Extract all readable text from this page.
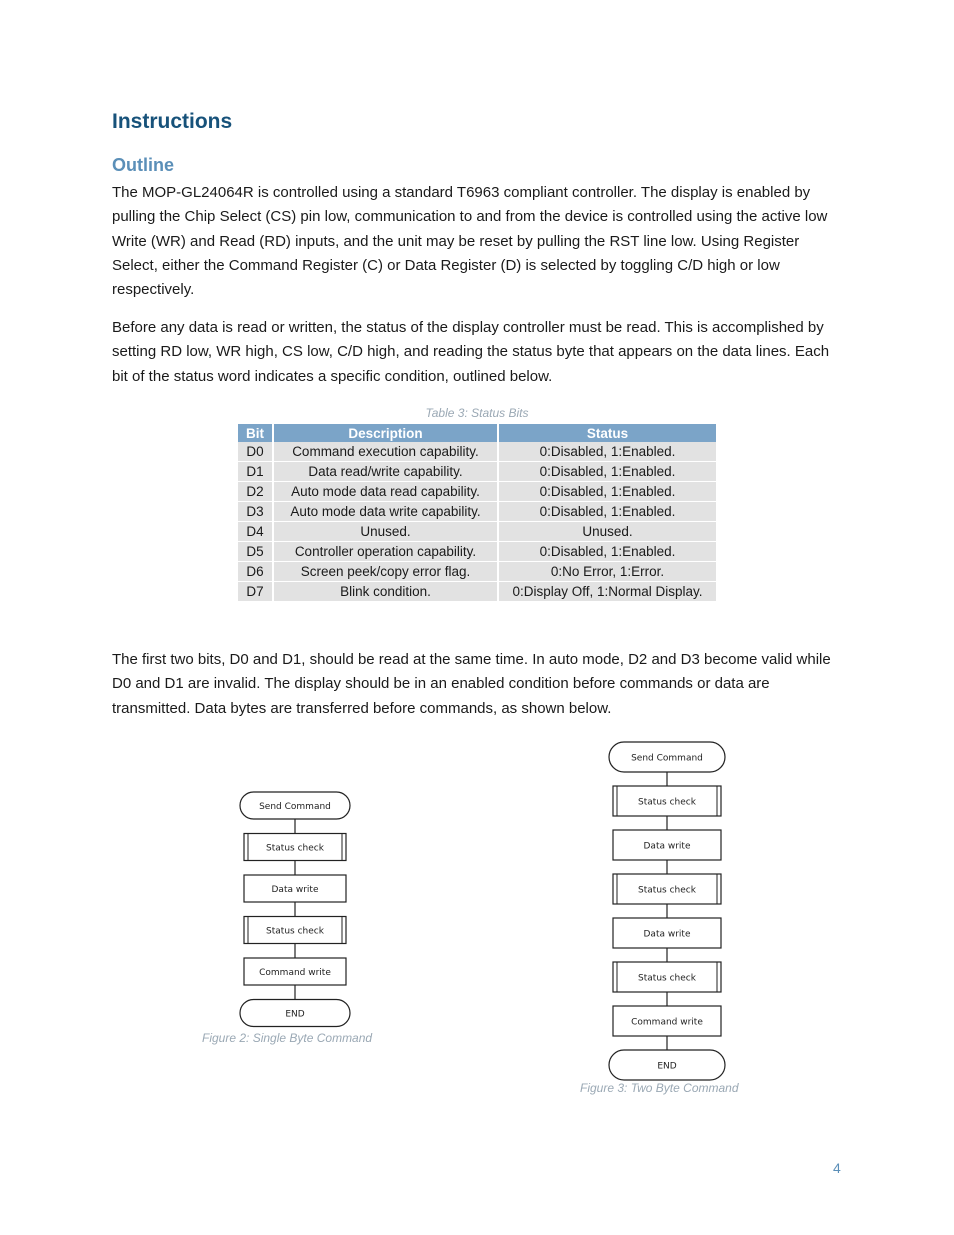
Instructions
Outline

The MOP-GL24064R is controlled using a standard T6963 compliant controller. The display is enabled by pulling the Chip Select (CS) pin low, communication to and from the device is controlled using the active low Write (WR) and Read (RD) inputs, and the unit may be reset by pulling the RST line low. Using Register Select, either the Command Register (C) or Data Register (D) is selected by toggling C/D high or low respectively.

Before any data is read or written, the status of the display controller must be read. This is accomplished by setting RD low, WR high, CS low, C/D high, and reading the status byte that appears on the data lines. Each bit of the status word indicates a specific condition, outlined below.

Table 3: Status Bits
Bit	Description	Status
D0	Command execution capability.	0:Disabled, 1:Enabled.
D1	Data read/write capability.	0:Disabled, 1:Enabled.
D2	Auto mode data read capability.	0:Disabled, 1:Enabled.
D3	Auto mode data write capability.	0:Disabled, 1:Enabled.
D4	Unused.	Unused.
D5	Controller operation capability.	0:Disabled, 1:Enabled.
D6	Screen peek/copy error flag.	0:No Error, 1:Error.
D7	Blink condition.	0:Display Off, 1:Normal Display.

The first two bits, D0 and D1, should be read at the same time. In auto mode, D2 and D3 become valid while D0 and D1 are invalid. The display should be in an enabled condition before commands or data are transmitted. Data bytes are transferred before commands, as shown below.

Send Command
Status check
Data write
Status check
Command write
END
Figure 2: Single Byte Command
Send Command
Status check
Data write
Status check
Data write
Status check
Command write
END
Figure 3: Two Byte Command
4
